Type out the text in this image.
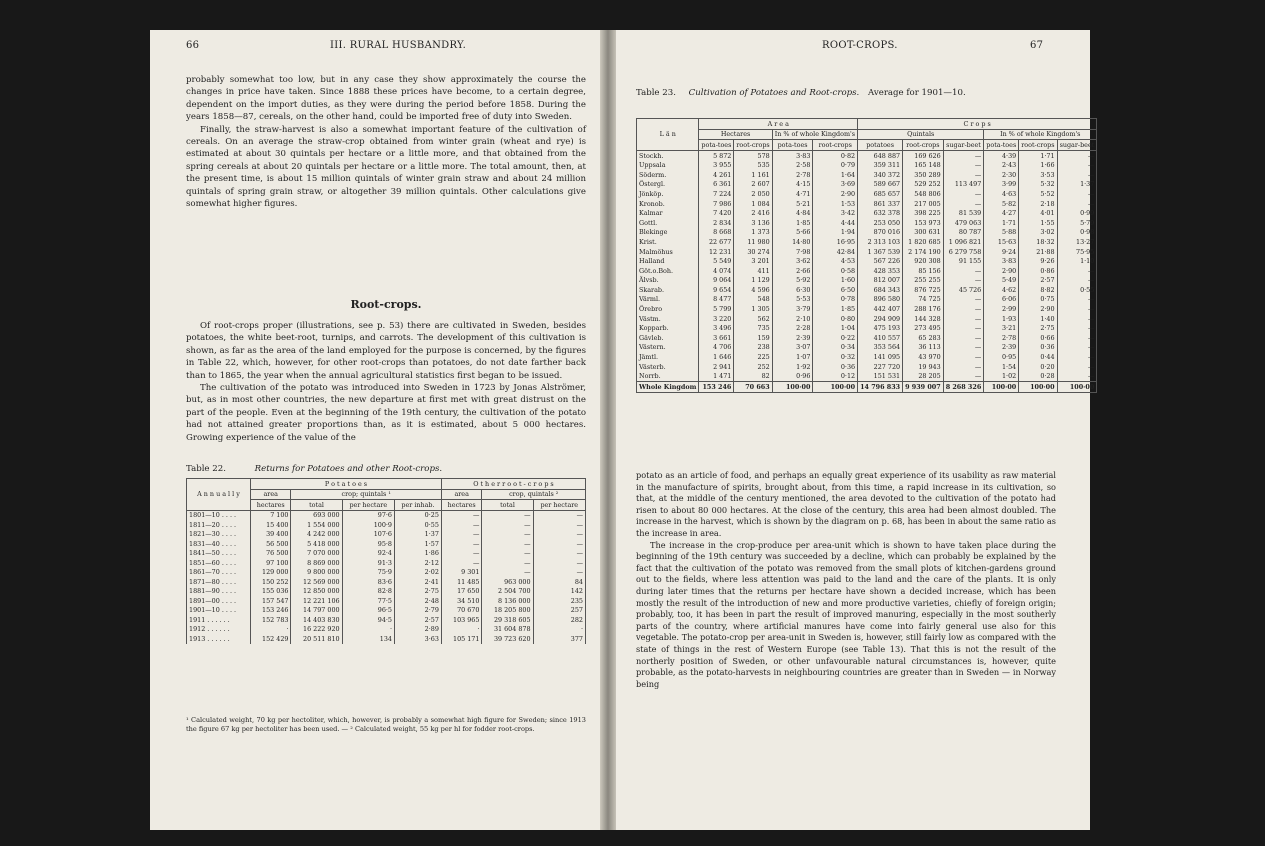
66	III. RURAL HUSBANDRY.

probably somewhat too low, but in any case they show approximately the course the changes in price have taken. Since 1888 these prices have become, to a certain degree, dependent on the import duties, as they were during the period before 1858. During the years 1858—87, cereals, on the other hand, could be imported free of duty into Sweden.

Finally, the straw-harvest is also a somewhat important feature of the cultivation of cereals. On an average the straw-crop obtained from winter grain (wheat and rye) is estimated at about 30 quintals per hectare or a little more, and that obtained from the spring cereals at about 20 quintals per hectare or a little more. The total amount, then, at the present time, is about 15 million quintals of winter grain straw and about 24 million quintals of spring grain straw, or altogether 39 million quintals. Other calculations give somewhat higher figures.

Root-crops.

Of root-crops proper (illustrations, see p. 53) there are cultivated in Sweden, besides potatoes, the white beet-root, turnips, and carrots. The development of this cultivation is shown, as far as the area of the land employed for the purpose is concerned, by the figures in Table 22, which, however, for other root-crops than potatoes, do not date farther back than to 1865, the year when the annual agricultural statistics first began to be issued.

The cultivation of the potato was introduced into Sweden in 1723 by Jonas Alströmer, but, as in most other countries, the new departure at first met with great distrust on the part of the people. Even at the beginning of the 19th century, the cultivation of the potato had not attained greater proportions than, as it is estimated, about 5 000 hectares. Growing experience of the value of the

Table 22.	Returns for Potatoes and other Root-crops.
A n n u a l l y	P o t a t o e s				O t h e r r o o t - c r o p s		
	area	crop; quintals ¹			area	crop, quintals ²	
	hectares	total	per hectare	per inhab.	hectares	total	per hectare
1801—10 . . . .	7 100	693 000	97·6	0·25	—	—	—
1811—20 . . . .	15 400	1 554 000	100·9	0·55	—	—	—
1821—30 . . . .	39 400	4 242 000	107·6	1·37	—	—	—
1831—40 . . . .	56 500	5 418 000	95·8	1·57	—	—	—
1841—50 . . . .	76 500	7 070 000	92·4	1·86	—	—	—
1851—60 . . . .	97 100	8 869 000	91·3	2·12	—	—	—
1861—70 . . . .	129 000	9 800 000	75·9	2·02	9 301	—	—
1871—80 . . . .	150 252	12 569 000	83·6	2·41	11 485	963 000	84
1881—90 . . . .	155 036	12 850 000	82·8	2·75	17 650	2 504 700	142
1891—00 . . . .	157 547	12 221 106	77·5	2·48	34 510	8 136 000	235
1901—10 . . . .	153 246	14 797 000	96·5	2·79	70 670	18 205 800	257
1911 . . . . . .	152 783	14 403 830	94·5	2·57	103 965	29 318 605	282
1912 . . . . . .	·	16 222 920	·	2·89	·	31 604 878	·
1913 . . . . . .	152 429	20 511 810	134	3·63	105 171	39 723 620	377
¹ Calculated weight, 70 kg per hectoliter, which, however, is probably a somewhat high figure for Sweden; since 1913 the figure 67 kg per hectoliter has been used. — ² Calculated weight, 55 kg per hl for fodder root-crops.
ROOT-CROPS.	67
Table 23. Cultivation of Potatoes and Root-crops. Average for 1901—10.
L ä n	A r e a				C r o p s					
	Hectares		In % of whole Kingdom's		Quintals			In % of whole Kingdom's		
	pota-toes	root-crops	pota-toes	root-crops	potatoes	root-crops	sugar-beet	pota-toes	root-crops	sugar-beet
Stockh.	5 872	578	3·83	0·82	648 887	169 626	—	4·39	1·71	—
Uppsala	3 955	535	2·58	0·79	359 311	165 148	—	2·43	1·66	—
Söderm.	4 261	1 161	2·78	1·64	340 372	350 289	—	2·30	3·53	—
Östergl.	6 361	2 607	4·15	3·69	589 667	529 252	113 497	3·99	5·32	1·37
Jönköp.	7 224	2 050	4·71	2·90	685 657	548 806	—	4·63	5·52	—
Kronob.	7 986	1 084	5·21	1·53	861 337	217 005	—	5·82	2·18	—
Kalmar	7 420	2 416	4·84	3·42	632 378	398 225	81 539	4·27	4·01	0·99
Gottl.	2 834	3 136	1·85	4·44	253 050	153 973	479 063	1·71	1·55	5·79
Blekinge	8 668	1 373	5·66	1·94	870 016	300 631	80 787	5·88	3·02	0·98
Krist.	22 677	11 980	14·80	16·95	2 313 103	1 820 685	1 096 821	15·63	18·32	13·27
Malmöhus	12 231	30 274	7·98	42·84	1 367 539	2 174 190	6 279 758	9·24	21·88	75·95
Halland	5 549	3 201	3·62	4·53	567 226	920 308	91 155	3·83	9·26	1·10
Göt.o.Boh.	4 074	411	2·66	0·58	428 353	85 156	—	2·90	0·86	—
Älvsb.	9 064	1 129	5·92	1·60	812 007	255 255	—	5·49	2·57	—
Skarab.	9 654	4 596	6·30	6·50	684 343	876 725	45 726	4·62	8·82	0·55
Värml.	8 477	548	5·53	0·78	896 580	74 725	—	6·06	0·75	—
Örebro	5 799	1 305	3·79	1·85	442 407	288 176	—	2·99	2·90	—
Västm.	3 220	562	2·10	0·80	294 909	144 328	—	1·93	1·40	—
Kopparb.	3 496	735	2·28	1·04	475 193	273 495	—	3·21	2·75	—
Gävleb.	3 661	159	2·39	0·22	410 557	65 283	—	2·78	0·66	—
Västern.	4 706	238	3·07	0·34	353 564	36 113	—	2·39	0·36	—
Jämtl.	1 646	225	1·07	0·32	141 095	43 970	—	0·95	0·44	—
Västerb.	2 941	252	1·92	0·36	227 720	19 943	—	1·54	0·20	—
Norrb.	1 471	82	0·96	0·12	151 531	28 205	—	1·02	0·28	—
Whole Kingdom	153 246	70 663	100·00	100·00	14 796 833	9 939 007	8 268 326	100·00	100·00	100·00

potato as an article of food, and perhaps an equally great experience of its usability as raw material in the manufacture of spirits, brought about, from this time, a rapid increase in its cultivation, so that, at the middle of the century mentioned, the area devoted to the cultivation of the potato had risen to about 80 000 hectares. At the close of the century, this area had been almost doubled. The increase in the harvest, which is shown by the diagram on p. 68, has been in about the same ratio as the increase in area.

The increase in the crop-produce per area-unit which is shown to have taken place during the beginning of the 19th century was succeeded by a decline, which can probably be explained by the fact that the cultivation of the potato was removed from the small plots of kitchen-gardens ground out to the fields, where less attention was paid to the land and the care of the plants. It is only during later times that the returns per hectare have shown a decided increase, which has been mostly the result of the introduction of new and more productive varieties, chiefly of foreign origin; probably, too, it has been in part the result of improved manuring, especially in the most southerly parts of the country, where artificial manures have come into fairly general use also for this vegetable. The potato-crop per area-unit in Sweden is, however, still fairly low as compared with the state of things in the rest of Western Europe (see Table 13). That this is not the result of the northerly position of Sweden, or other unfavourable natural circumstances is, however, quite probable, as the potato-harvests in neighbouring countries are greater than in Sweden — in Norway being
